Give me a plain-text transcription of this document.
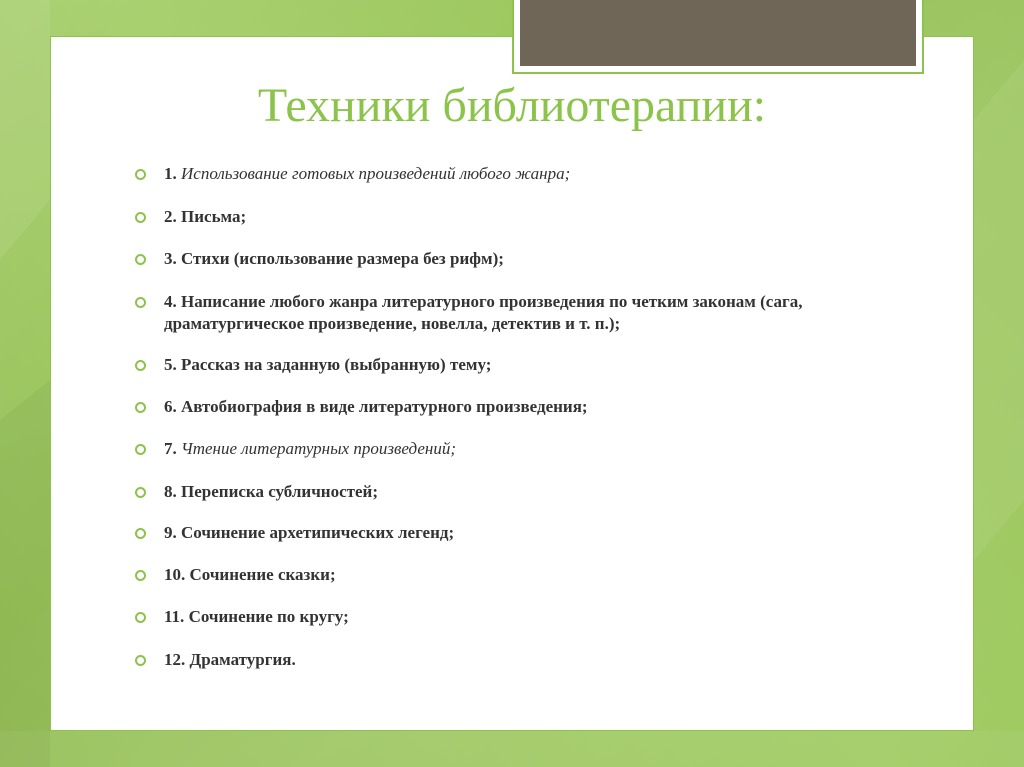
Техники библиотерапии:
1. Использование готовых произведений любого жанра;
2. Письма;
3. Стихи (использование размера без рифм);
4. Написание любого жанра литературного произведения по четким законам (сага, драматургическое произведение, новелла, детектив и т. п.);
5. Рассказ на заданную (выбранную) тему;
6. Автобиография в виде литературного произведения;
7. Чтение литературных произведений;
8. Переписка субличностей;
9. Сочинение архетипических легенд;
10. Сочинение сказки;
11. Сочинение по кругу;
12. Драматургия.
